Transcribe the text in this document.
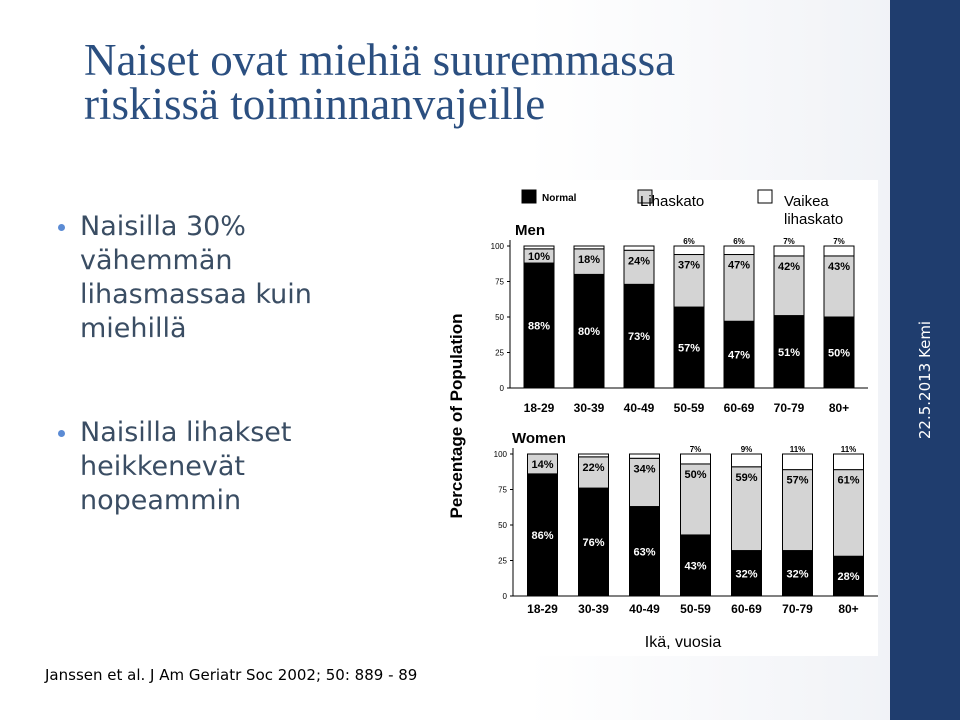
22.5.2013 Kemi
Naiset ovat miehiä suuremmassa
riskissä toiminnanvajeille
Naisilla 30%
vähemmän
lihasmassaa kuin
miehillä
Naisilla lihakset
heikkenevät
nopeammin
Normal	Lihaskato	Vaikea lihaskato
Percentage of Population
Men
0
25
50
75
100
88%
10%
18-29
80%
18%
30-39
73%
24%
40-49
57%
37%
6%
50-59
47%
47%
6%
60-69
51%
42%
7%
70-79
50%
43%
7%
80+
Women
0
25
50
75
100
86%
14%
18-29
76%
22%
30-39
63%
34%
40-49
43%
50%
7%
50-59
32%
59%
9%
60-69
32%
57%
11%
70-79
28%
61%
11%
80+
Ikä, vuosia
Janssen et al. J Am Geriatr Soc 2002; 50: 889 - 89
